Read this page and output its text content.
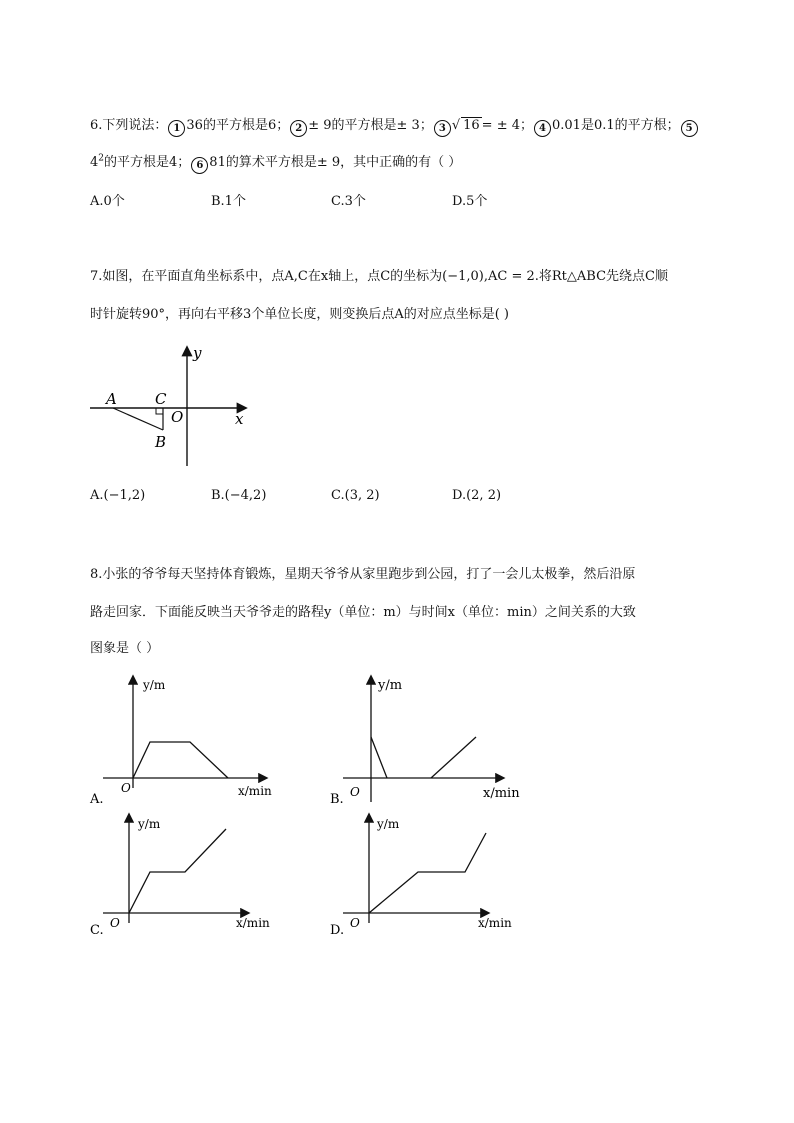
6.下列说法： 1 36的平方根是6； 2 ± 9的平方根是± 3； 3 √ 16 = ± 4； 4 0.01是0.1的平方根； 5
$4^2$的平方根是4； 6 81的算术平方根是± 9，其中正确的有（ ）
A.0个	B.1个	C.3个	D.5个
7.如图，在平面直角坐标系中，点A,C在x轴上，点C的坐标为(−1,0),AC = 2.将Rt△ABC先绕点C顺
时针旋转90°，再向右平移3个单位长度，则变换后点A的对应点坐标是( )
A	C
B
O	x
y
A.(−1,2)	B.(−4,2)	C.(3, 2)	D.(2, 2)
8.小张的爷爷每天坚持体育锻炼，星期天爷爷从家里跑步到公园，打了一会儿太极拳，然后沿原
路走回家．下面能反映当天爷爷走的路程y（单位：m）与时间x（单位：min）之间关系的大致
图象是（ ）
y/m
x/min
O
A.
y/m
x/min
O
B.
y/m
x/min
O
C.
y/m
x/min
O
D.
